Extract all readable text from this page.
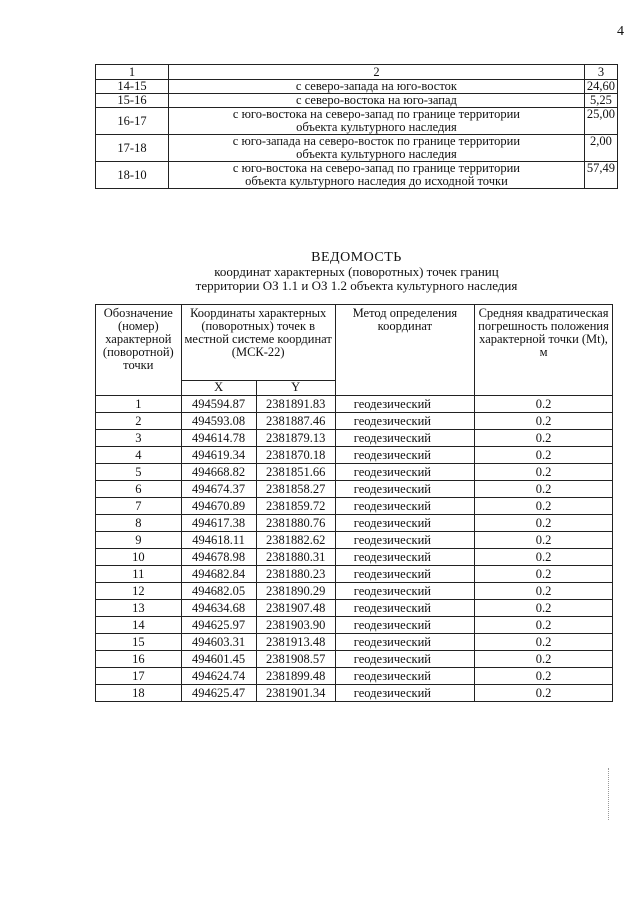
4
1	2	3
14-15	с северо-запада на юго-восток	24,60
15-16	с северо-востока на юго-запад	5,25
16-17	с юго-востока на северо-запад по границе территории объекта культурного наследия	25,00
17-18	с юго-запада на северо-восток по границе территории объекта культурного наследия	2,00
18-10	с юго-востока на северо-запад по границе территории объекта культурного наследия до исходной точки	57,49
ВЕДОМОСТЬ
координат характерных (поворотных) точек границ
территории ОЗ 1.1 и ОЗ 1.2 объекта культурного наследия
Обозначение (номер) характерной (поворотной) точки	Координаты характерных (поворотных) точек в местной системе координат (МСК-22)		Метод определения координат	Средняя квадратическая погрешность положения характерной точки (Mt), м
	X	Y		
1	494594.87	2381891.83	геодезический	0.2
2	494593.08	2381887.46	геодезический	0.2
3	494614.78	2381879.13	геодезический	0.2
4	494619.34	2381870.18	геодезический	0.2
5	494668.82	2381851.66	геодезический	0.2
6	494674.37	2381858.27	геодезический	0.2
7	494670.89	2381859.72	геодезический	0.2
8	494617.38	2381880.76	геодезический	0.2
9	494618.11	2381882.62	геодезический	0.2
10	494678.98	2381880.31	геодезический	0.2
11	494682.84	2381880.23	геодезический	0.2
12	494682.05	2381890.29	геодезический	0.2
13	494634.68	2381907.48	геодезический	0.2
14	494625.97	2381903.90	геодезический	0.2
15	494603.31	2381913.48	геодезический	0.2
16	494601.45	2381908.57	геодезический	0.2
17	494624.74	2381899.48	геодезический	0.2
18	494625.47	2381901.34	геодезический	0.2
